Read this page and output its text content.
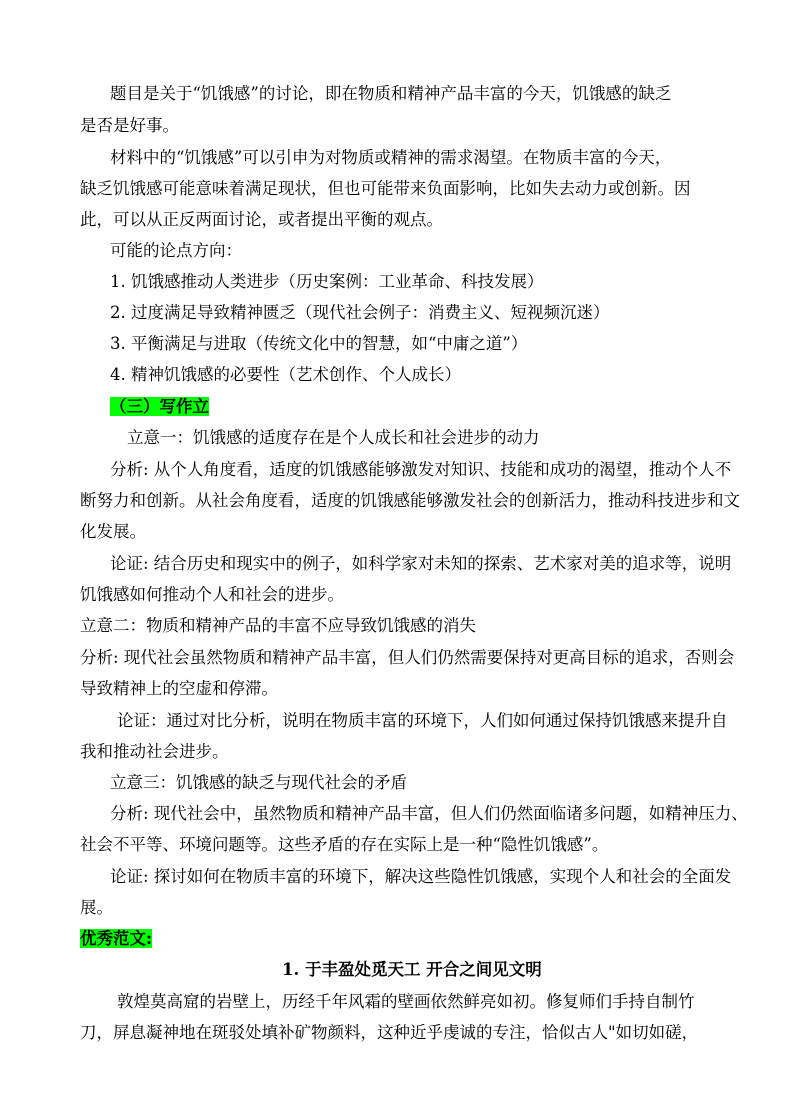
题目是关于“饥饿感”的讨论，即在物质和精神产品丰富的今天，饥饿感的缺乏
是否是好事。
材料中的“饥饿感”可以引申为对物质或精神的需求渴望。在物质丰富的今天，
缺乏饥饿感可能意味着满足现状，但也可能带来负面影响，比如失去动力或创新。因
此，可以从正反两面讨论，或者提出平衡的观点。
可能的论点方向：
1. 饥饿感推动人类进步（历史案例：工业革命、科技发展）
2. 过度满足导致精神匮乏（现代社会例子：消费主义、短视频沉迷）
3. 平衡满足与进取（传统文化中的智慧，如“中庸之道”）
4. 精神饥饿感的必要性（艺术创作、个人成长）
（三）写作立
立意一：饥饿感的适度存在是个人成长和社会进步的动力
分析: 从个人角度看，适度的饥饿感能够激发对知识、技能和成功的渴望，推动个人不
断努力和创新。从社会角度看，适度的饥饿感能够激发社会的创新活力，推动科技进步和文
化发展。
论证: 结合历史和现实中的例子，如科学家对未知的探索、艺术家对美的追求等，说明
饥饿感如何推动个人和社会的进步。
立意二：物质和精神产品的丰富不应导致饥饿感的消失
分析: 现代社会虽然物质和精神产品丰富，但人们仍然需要保持对更高目标的追求，否则会
导致精神上的空虚和停滞。
论证：通过对比分析，说明在物质丰富的环境下，人们如何通过保持饥饿感来提升自
我和推动社会进步。
立意三：饥饿感的缺乏与现代社会的矛盾
分析: 现代社会中，虽然物质和精神产品丰富，但人们仍然面临诸多问题，如精神压力、
社会不平等、环境问题等。这些矛盾的存在实际上是一种“隐性饥饿感”。
论证: 探讨如何在物质丰富的环境下，解决这些隐性饥饿感，实现个人和社会的全面发
展。
优秀范文:
1. 于丰盈处觅天工 开合之间见文明
敦煌莫高窟的岩壁上，历经千年风霜的壁画依然鲜亮如初。修复师们手持自制竹
刀，屏息凝神地在斑驳处填补矿物颜料，这种近乎虔诚的专注，恰似古人"如切如磋，
